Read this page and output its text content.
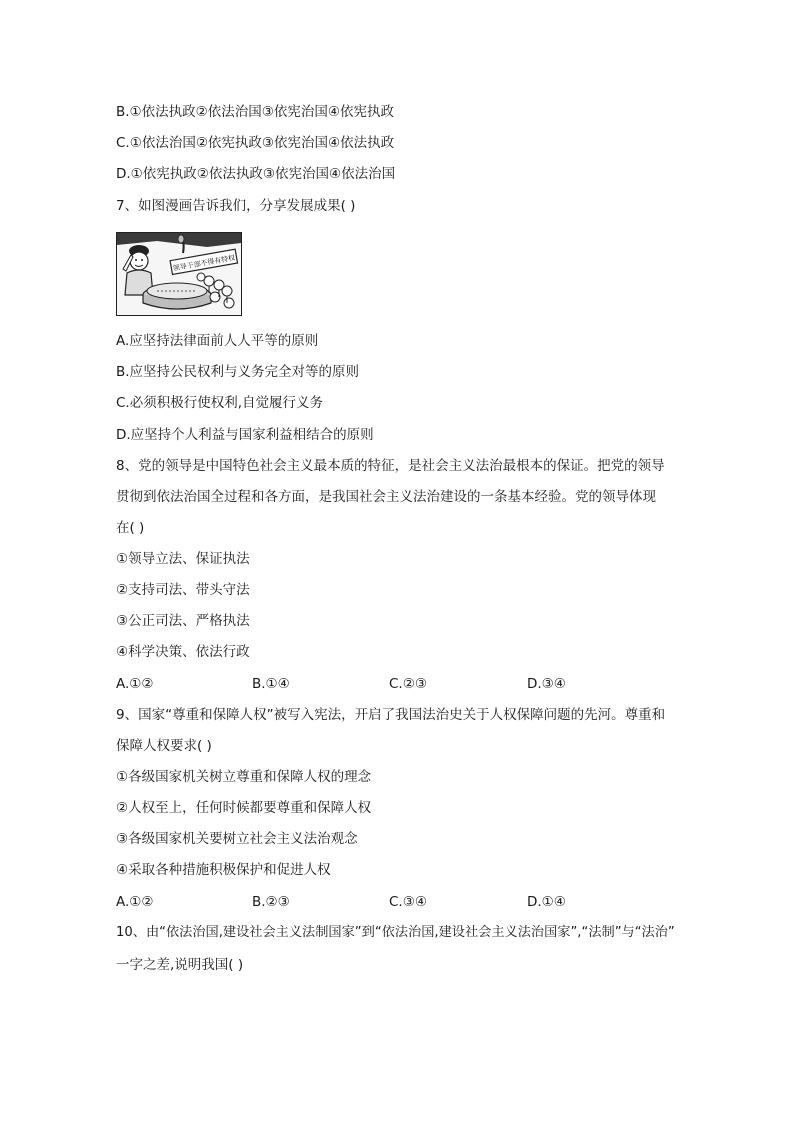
B.①依法执政②依法治国③依宪治国④依宪执政
C.①依法治国②依宪执政③依宪治国④依法执政
D.①依宪执政②依法执政③依宪治国④依法治国
7、如图漫画告诉我们，分享发展成果( )
领导干部不得有特权
A.应坚持法律面前人人平等的原则
B.应坚持公民权利与义务完全对等的原则
C.必须积极行使权利,自觉履行义务
D.应坚持个人利益与国家利益相结合的原则
8、党的领导是中国特色社会主义最本质的特征，是社会主义法治最根本的保证。把党的领导
贯彻到依法治国全过程和各方面，是我国社会主义法治建设的一条基本经验。党的领导体现
在( )
①领导立法、保证执法
②支持司法、带头守法
③公正司法、严格执法
④科学决策、依法行政
A.①②	B.①④	C.②③	D.③④
9、国家“尊重和保障人权”被写入宪法，开启了我国法治史关于人权保障问题的先河。尊重和
保障人权要求( )
①各级国家机关树立尊重和保障人权的理念
②人权至上，任何时候都要尊重和保障人权
③各级国家机关要树立社会主义法治观念
④采取各种措施积极保护和促进人权
A.①②	B.②③	C.③④	D.①④
10、由“依法治国,建设社会主义法制国家”到“依法治国,建设社会主义法治国家”,“法制”与“法治”
一字之差,说明我国( )
